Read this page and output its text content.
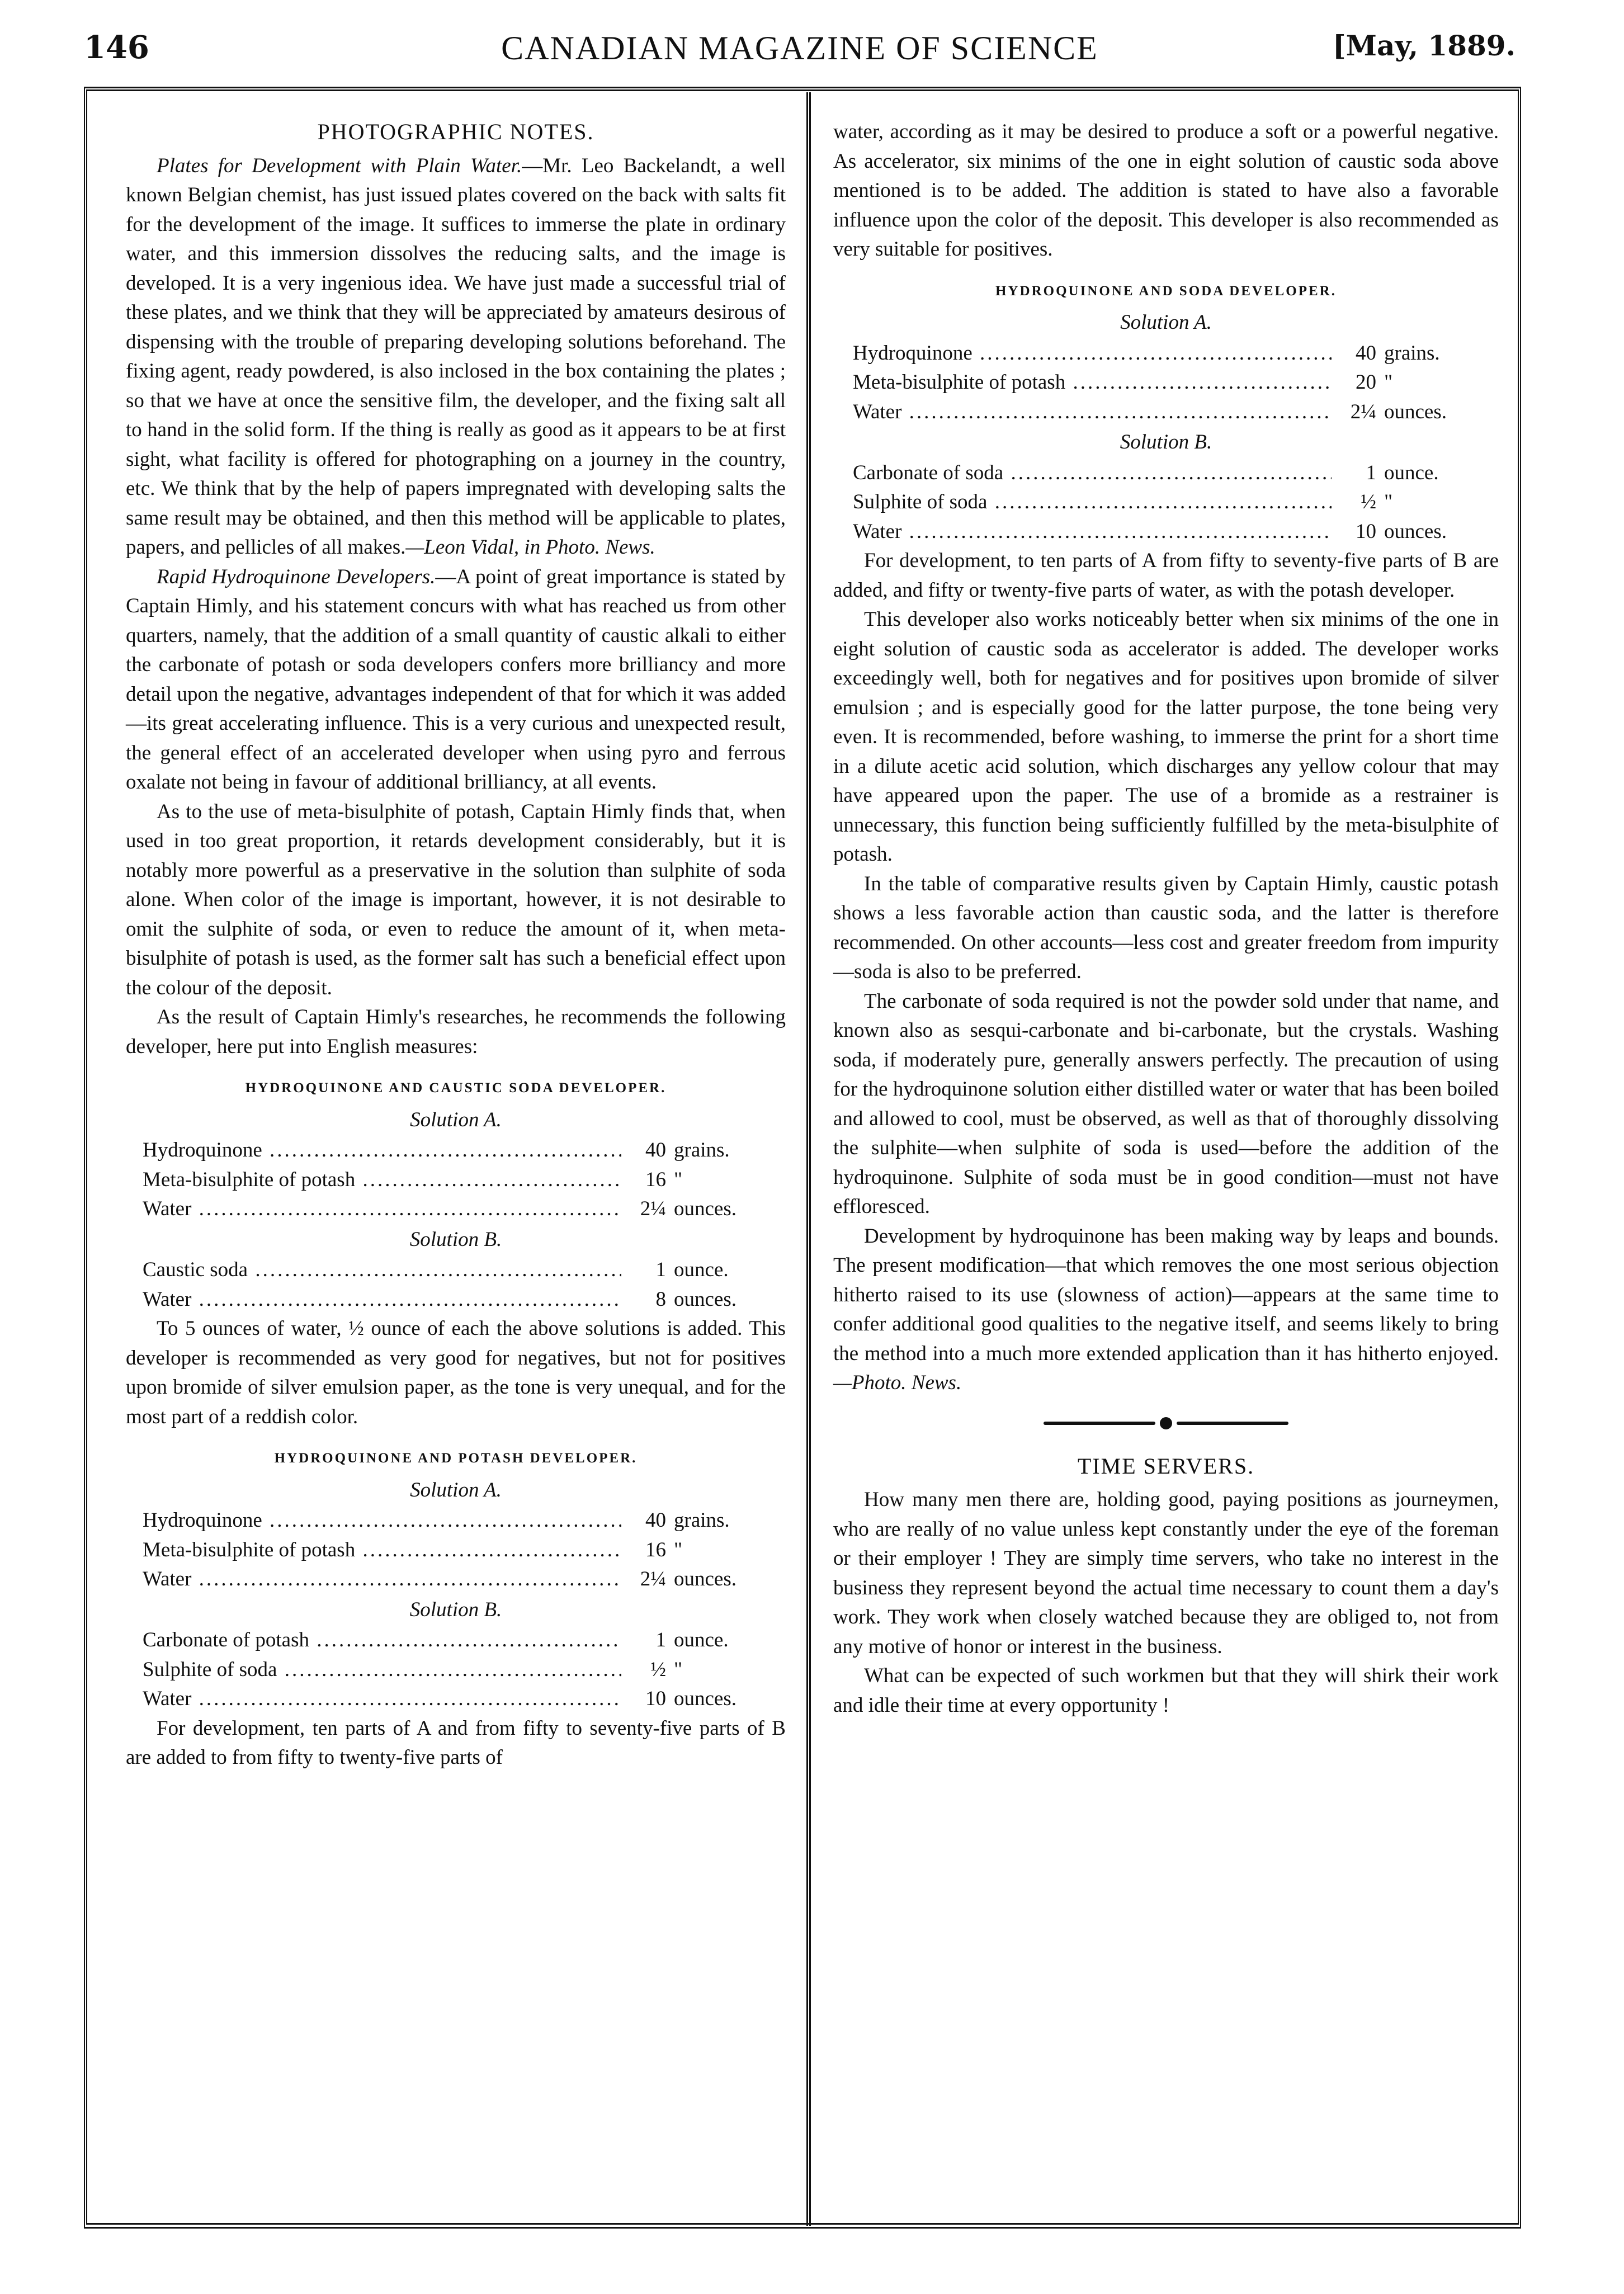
146	CANADIAN MAGAZINE OF SCIENCE	[May, 1889.
PHOTOGRAPHIC NOTES.

Plates for Development with Plain Water.—Mr. Leo Backelandt, a well known Belgian chemist, has just issued plates covered on the back with salts fit for the development of the image. It suffices to immerse the plate in ordinary water, and this immersion dissolves the reducing salts, and the image is developed. It is a very ingenious idea. We have just made a successful trial of these plates, and we think that they will be appreciated by amateurs desirous of dispensing with the trouble of preparing developing solutions beforehand. The fixing agent, ready powdered, is also inclosed in the box containing the plates ; so that we have at once the sensitive film, the developer, and the fixing salt all to hand in the solid form. If the thing is really as good as it appears to be at first sight, what facility is offered for photographing on a journey in the country, etc. We think that by the help of papers impregnated with developing salts the same result may be obtained, and then this method will be applicable to plates, papers, and pellicles of all makes.—Leon Vidal, in Photo. News.

Rapid Hydroquinone Developers.—A point of great importance is stated by Captain Himly, and his statement concurs with what has reached us from other quarters, namely, that the addition of a small quantity of caustic alkali to either the carbonate of potash or soda developers confers more brilliancy and more detail upon the negative, advantages independent of that for which it was added—its great accelerating influence. This is a very curious and unexpected result, the general effect of an accelerated developer when using pyro and ferrous oxalate not being in favour of additional brilliancy, at all events.

As to the use of meta-bisulphite of potash, Captain Himly finds that, when used in too great proportion, it retards development considerably, but it is notably more powerful as a preservative in the solution than sulphite of soda alone. When color of the image is important, however, it is not desirable to omit the sulphite of soda, or even to reduce the amount of it, when meta-bisulphite of potash is used, as the former salt has such a beneficial effect upon the colour of the deposit.

As the result of Captain Himly's researches, he recommends the following developer, here put into English measures:

HYDROQUINONE AND CAUSTIC SODA DEVELOPER.
Solution A.
Hydroquinone .....	40 grains.
Meta-bisulphite of potash .....	16 "
Water .....	2¼ ounces.
Solution B.
Caustic soda .....	1 ounce.
Water .....	8 ounces.

To 5 ounces of water, ½ ounce of each the above solutions is added. This developer is recommended as very good for negatives, but not for positives upon bromide of silver emulsion paper, as the tone is very unequal, and for the most part of a reddish color.

HYDROQUINONE AND POTASH DEVELOPER.
Solution A.
Hydroquinone .....	40 grains.
Meta-bisulphite of potash .....	16 "
Water .....	2¼ ounces.
Solution B.
Carbonate of potash .....	1 ounce.
Sulphite of soda .....	½ "
Water .....	10 ounces.

For development, ten parts of A and from fifty to seventy-five parts of B are added to from fifty to twenty-five parts of

water, according as it may be desired to produce a soft or a powerful negative. As accelerator, six minims of the one in eight solution of caustic soda above mentioned is to be added. The addition is stated to have also a favorable influence upon the color of the deposit. This developer is also recommended as very suitable for positives.

HYDROQUINONE AND SODA DEVELOPER.
Solution A.
Hydroquinone .....	40 grains.
Meta-bisulphite of potash .....	20 "
Water .....	2¼ ounces.
Solution B.
Carbonate of soda .....	1 ounce.
Sulphite of soda .....	½ "
Water .....	10 ounces.

For development, to ten parts of A from fifty to seventy-five parts of B are added, and fifty or twenty-five parts of water, as with the potash developer.

This developer also works noticeably better when six minims of the one in eight solution of caustic soda as accelerator is added. The developer works exceedingly well, both for negatives and for positives upon bromide of silver emulsion ; and is especially good for the latter purpose, the tone being very even. It is recommended, before washing, to immerse the print for a short time in a dilute acetic acid solution, which discharges any yellow colour that may have appeared upon the paper. The use of a bromide as a restrainer is unnecessary, this function being sufficiently fulfilled by the meta-bisulphite of potash.

In the table of comparative results given by Captain Himly, caustic potash shows a less favorable action than caustic soda, and the latter is therefore recommended. On other accounts—less cost and greater freedom from impurity—soda is also to be preferred.

The carbonate of soda required is not the powder sold under that name, and known also as sesqui-carbonate and bi-carbonate, but the crystals. Washing soda, if moderately pure, generally answers perfectly. The precaution of using for the hydroquinone solution either distilled water or water that has been boiled and allowed to cool, must be observed, as well as that of thoroughly dissolving the sulphite—when sulphite of soda is used—before the addition of the hydroquinone. Sulphite of soda must be in good condition—must not have effloresced.

Development by hydroquinone has been making way by leaps and bounds. The present modification—that which removes the one most serious objection hitherto raised to its use (slowness of action)—appears at the same time to confer additional good qualities to the negative itself, and seems likely to bring the method into a much more extended application than it has hitherto enjoyed.—Photo. News.

TIME SERVERS.

How many men there are, holding good, paying positions as journeymen, who are really of no value unless kept constantly under the eye of the foreman or their employer ! They are simply time servers, who take no interest in the business they represent beyond the actual time necessary to count them a day's work. They work when closely watched because they are obliged to, not from any motive of honor or interest in the business.

What can be expected of such workmen but that they will shirk their work and idle their time at every opportunity !
